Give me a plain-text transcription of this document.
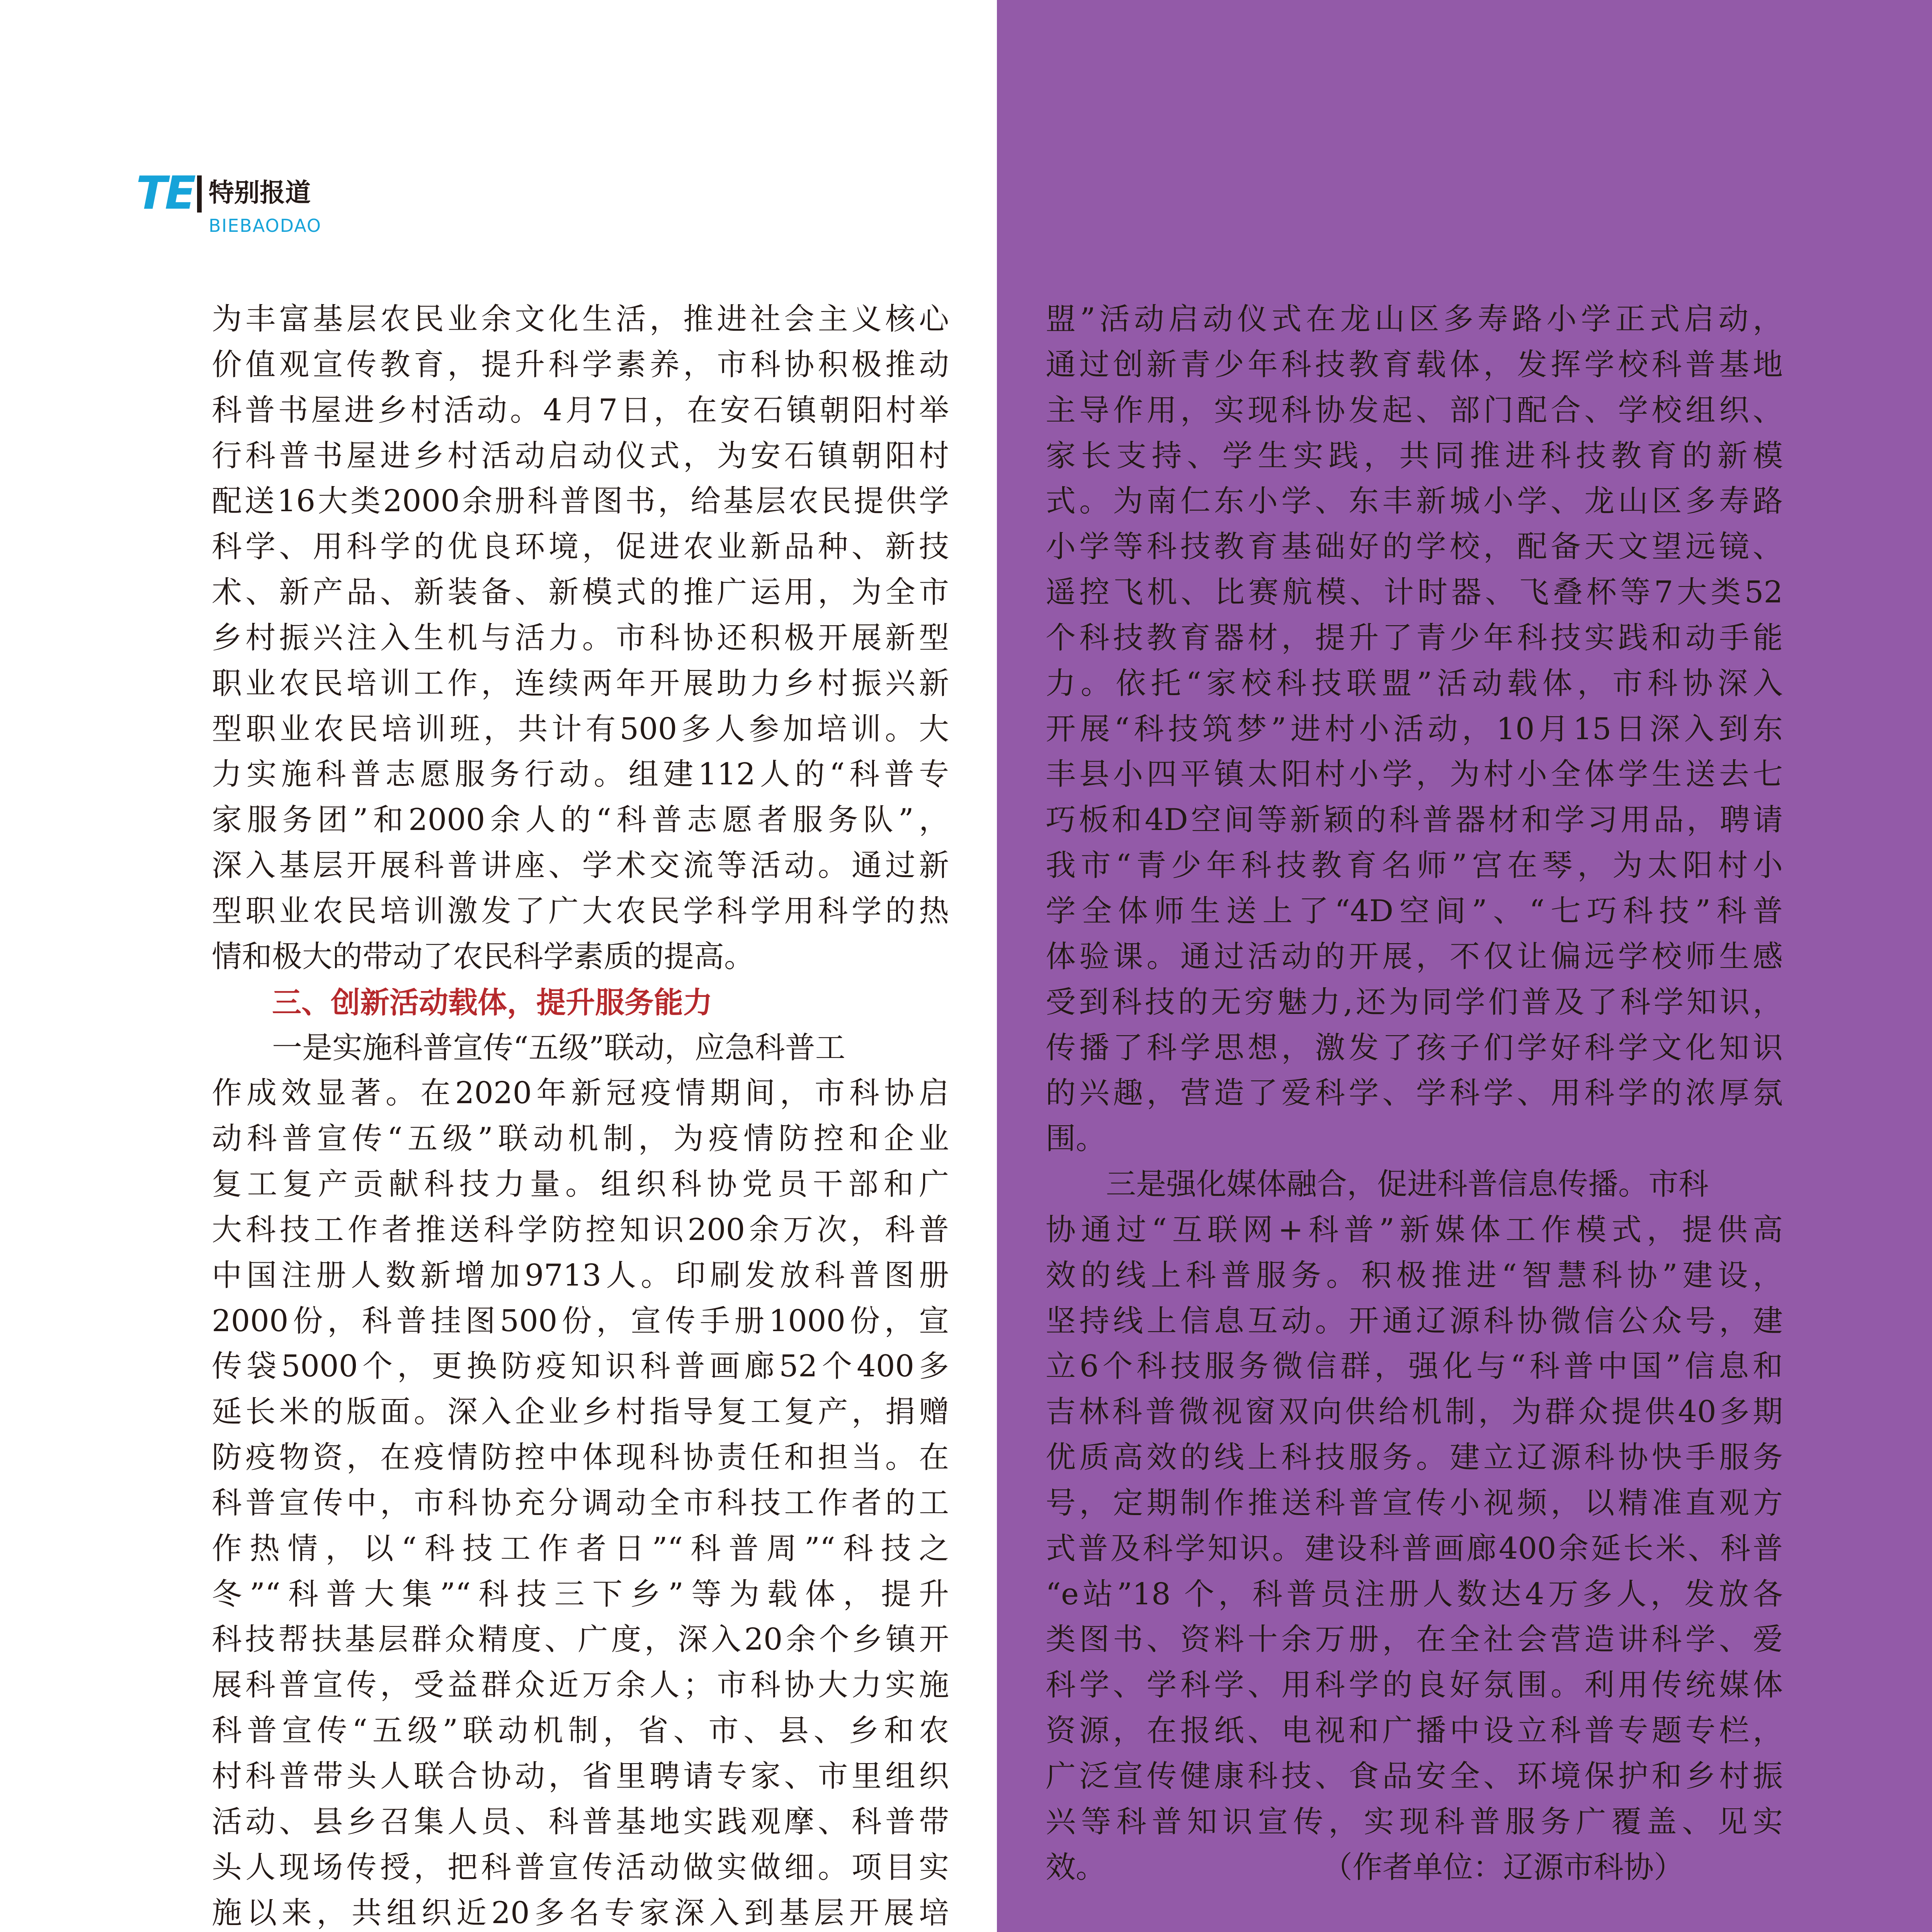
TE 特别报道
BIEBAODAO
为丰富基层农民业余文化生活，推进社会主义核心
价值观宣传教育，提升科学素养，市科协积极推动
科普书屋进乡村活动。4月7日，在安石镇朝阳村举
行科普书屋进乡村活动启动仪式，为安石镇朝阳村
配送16大类2000余册科普图书，给基层农民提供学
科学、用科学的优良环境，促进农业新品种、新技
术、新产品、新装备、新模式的推广运用，为全市
乡村振兴注入生机与活力。市科协还积极开展新型
职业农民培训工作，连续两年开展助力乡村振兴新
型职业农民培训班，共计有500多人参加培训。大
力实施科普志愿服务行动。组建112人的“科普专
家服务团”和2000余人的“科普志愿者服务队”，
深入基层开展科普讲座、学术交流等活动。通过新
型职业农民培训激发了广大农民学科学用科学的热
情和极大的带动了农民科学素质的提高。
三、创新活动载体，提升服务能力
一是实施科普宣传“五级”联动，应急科普工
作成效显著。在2020年新冠疫情期间，市科协启
动科普宣传“五级”联动机制，为疫情防控和企业
复工复产贡献科技力量。组织科协党员干部和广
大科技工作者推送科学防控知识200余万次，科普
中国注册人数新增加9713人。印刷发放科普图册
2000份，科普挂图500份，宣传手册1000份，宣
传袋5000个，更换防疫知识科普画廊52个400多
延长米的版面。深入企业乡村指导复工复产，捐赠
防疫物资，在疫情防控中体现科协责任和担当。在
科普宣传中，市科协充分调动全市科技工作者的工
作热情，以“科技工作者日”“科普周”“科技之
冬”“科普大集”“科技三下乡”等为载体，提升
科技帮扶基层群众精度、广度，深入20余个乡镇开
展科普宣传，受益群众近万余人；市科协大力实施
科普宣传“五级”联动机制，省、市、县、乡和农
村科普带头人联合协动，省里聘请专家、市里组织
活动、县乡召集人员、科普基地实践观摩、科普带
头人现场传授，把科普宣传活动做实做细。项目实
施以来，共组织近20多名专家深入到基层开展培
盟”活动启动仪式在龙山区多寿路小学正式启动，
通过创新青少年科技教育载体，发挥学校科普基地
主导作用，实现科协发起、部门配合、学校组织、
家长支持、学生实践，共同推进科技教育的新模
式。为南仁东小学、东丰新城小学、龙山区多寿路
小学等科技教育基础好的学校，配备天文望远镜、
遥控飞机、比赛航模、计时器、飞叠杯等7大类52
个科技教育器材，提升了青少年科技实践和动手能
力。依托“家校科技联盟”活动载体，市科协深入
开展“科技筑梦”进村小活动，10月15日深入到东
丰县小四平镇太阳村小学，为村小全体学生送去七
巧板和4D空间等新颖的科普器材和学习用品，聘请
我市“青少年科技教育名师”宫在琴，为太阳村小
学全体师生送上了“4D空间”、“七巧科技”科普
体验课。通过活动的开展，不仅让偏远学校师生感
受到科技的无穷魅力,还为同学们普及了科学知识，
传播了科学思想，激发了孩子们学好科学文化知识
的兴趣，营造了爱科学、学科学、用科学的浓厚氛
围。
三是强化媒体融合，促进科普信息传播。市科
协通过“互联网+科普”新媒体工作模式，提供高
效的线上科普服务。积极推进“智慧科协”建设，
坚持线上信息互动。开通辽源科协微信公众号，建
立6个科技服务微信群，强化与“科普中国”信息和
吉林科普微视窗双向供给机制，为群众提供40多期
优质高效的线上科技服务。建立辽源科协快手服务
号，定期制作推送科普宣传小视频，以精准直观方
式普及科学知识。建设科普画廊400余延长米、科普
“e站”18 个，科普员注册人数达4万多人，发放各
类图书、资料十余万册，在全社会营造讲科学、爱
科学、学科学、用科学的良好氛围。利用传统媒体
资源，在报纸、电视和广播中设立科普专题专栏，
广泛宣传健康科技、食品安全、环境保护和乡村振
兴等科普知识宣传，实现科普服务广覆盖、见实
效。	（作者单位：辽源市科协）
